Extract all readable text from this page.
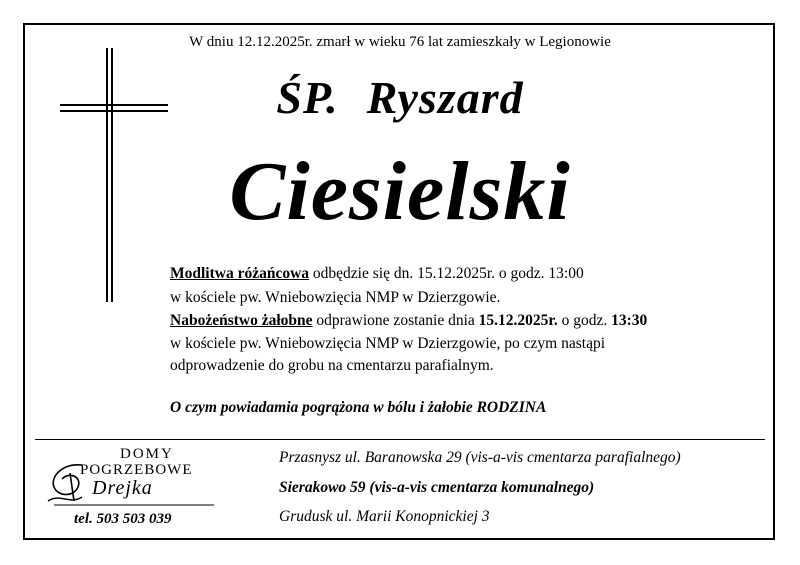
W dniu 12.12.2025r. zmarł w wieku 76 lat zamieszkały w Legionowie
ŚP. Ryszard
Ciesielski
Modlitwa różańcowa odbędzie się dn. 15.12.2025r. o godz. 13:00
w kościele pw. Wniebowzięcia NMP w Dzierzgowie.
Nabożeństwo żałobne odprawione zostanie dnia 15.12.2025r. o godz. 13:30
w kościele pw. Wniebowzięcia NMP w Dzierzgowie, po czym nastąpi
odprowadzenie do grobu na cmentarzu parafialnym.
O czym powiadamia pogrążona w bólu i żałobie RODZINA
DOMY
POGRZEBOWE
Drejka
tel. 503 503 039
Przasnysz ul. Baranowska 29 (vis-a-vis cmentarza parafialnego)
Sierakowo 59 (vis-a-vis cmentarza komunalnego)
Grudusk ul. Marii Konopnickiej 3
